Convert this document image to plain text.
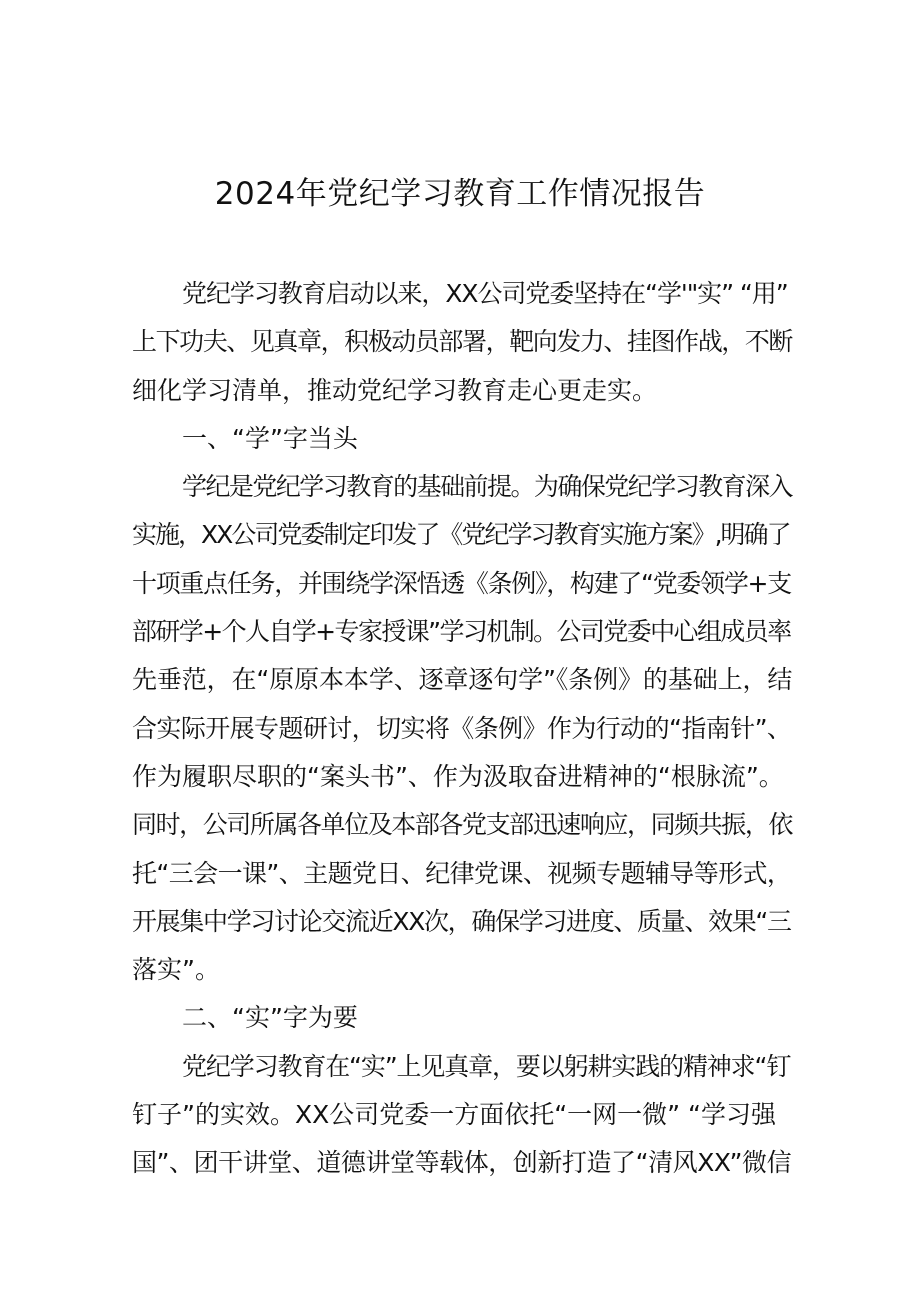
2024年党纪学习教育工作情况报告
党纪学习教育启动以来，XX公司党委坚持在“学'"实” “用”
上下功夫、见真章，积极动员部署，靶向发力、挂图作战，不断
细化学习清单，推动党纪学习教育走心更走实。
一、“学”字当头
学纪是党纪学习教育的基础前提。为确保党纪学习教育深入
实施，XX公司党委制定印发了《党纪学习教育实施方案》,明确了
十项重点任务，并围绕学深悟透《条例》，构建了“党委领学+支
部研学+个人自学+专家授课”学习机制。公司党委中心组成员率
先垂范，在“原原本本学、逐章逐句学”《条例》的基础上，结
合实际开展专题研讨，切实将《条例》作为行动的“指南针”、
作为履职尽职的“案头书”、作为汲取奋进精神的“根脉流”。
同时，公司所属各单位及本部各党支部迅速响应，同频共振，依
托“三会一课”、主题党日、纪律党课、视频专题辅导等形式，
开展集中学习讨论交流近XX次，确保学习进度、质量、效果“三
落实”。
二、“实”字为要
党纪学习教育在“实”上见真章，要以躬耕实践的精神求“钉
钉子”的实效。XX公司党委一方面依托“一网一微” “学习强
国”、团干讲堂、道德讲堂等载体，创新打造了“清风XX”微信
